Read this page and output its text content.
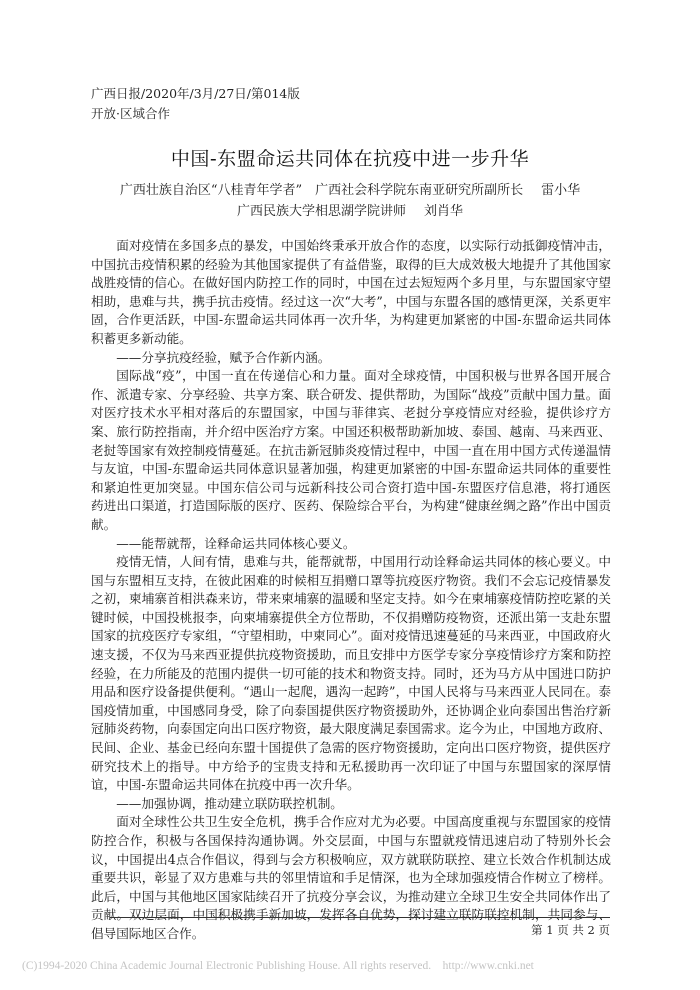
广西日报/2020年/3月/27日/第014版
开放·区域合作
中国-东盟命运共同体在抗疫中进一步升华
广西壮族自治区“八桂青年学者”　广西社会科学院东南亚研究所副所长 雷小华
广西民族大学相思湖学院讲师 刘肖华

面对疫情在多国多点的暴发，中国始终秉承开放合作的态度，以实际行动抵御疫情冲击，中国抗击疫情积累的经验为其他国家提供了有益借鉴，取得的巨大成效极大地提升了其他国家战胜疫情的信心。在做好国内防控工作的同时，中国在过去短短两个多月里，与东盟国家守望相助，患难与共，携手抗击疫情。经过这一次“大考”，中国与东盟各国的感情更深，关系更牢固，合作更活跃，中国-东盟命运共同体再一次升华，为构建更加紧密的中国-东盟命运共同体积蓄更多新动能。

——分享抗疫经验，赋予合作新内涵。

国际战“疫”，中国一直在传递信心和力量。面对全球疫情，中国积极与世界各国开展合作、派遣专家、分享经验、共享方案、联合研发、提供帮助，为国际“战疫”贡献中国力量。面对医疗技术水平相对落后的东盟国家，中国与菲律宾、老挝分享疫情应对经验，提供诊疗方案、旅行防控指南，并介绍中医治疗方案。中国还积极帮助新加坡、泰国、越南、马来西亚、老挝等国家有效控制疫情蔓延。在抗击新冠肺炎疫情过程中，中国一直在用中国方式传递温情与友谊，中国-东盟命运共同体意识显著加强，构建更加紧密的中国-东盟命运共同体的重要性和紧迫性更加突显。中国东信公司与远新科技公司合资打造中国-东盟医疗信息港，将打通医药进出口渠道，打造国际版的医疗、医药、保险综合平台，为构建“健康丝绸之路”作出中国贡献。

——能帮就帮，诠释命运共同体核心要义。

疫情无情，人间有情，患难与共，能帮就帮，中国用行动诠释命运共同体的核心要义。中国与东盟相互支持，在彼此困难的时候相互捐赠口罩等抗疫医疗物资。我们不会忘记疫情暴发之初，柬埔寨首相洪森来访，带来柬埔寨的温暖和坚定支持。如今在柬埔寨疫情防控吃紧的关键时候，中国投桃报李，向柬埔寨提供全方位帮助，不仅捐赠防疫物资，还派出第一支赴东盟国家的抗疫医疗专家组，“守望相助，中柬同心”。面对疫情迅速蔓延的马来西亚，中国政府火速支援，不仅为马来西亚提供抗疫物资援助，而且安排中方医学专家分享疫情诊疗方案和防控经验，在力所能及的范围内提供一切可能的技术和物资支持。同时，还为马方从中国进口防护用品和医疗设备提供便利。“遇山一起爬，遇沟一起跨”，中国人民将与马来西亚人民同在。泰国疫情加重，中国感同身受，除了向泰国提供医疗物资援助外，还协调企业向泰国出售治疗新冠肺炎药物，向泰国定向出口医疗物资，最大限度满足泰国需求。迄今为止，中国地方政府、民间、企业、基金已经向东盟十国提供了急需的医疗物资援助，定向出口医疗物资，提供医疗研究技术上的指导。中方给予的宝贵支持和无私援助再一次印证了中国与东盟国家的深厚情谊，中国-东盟命运共同体在抗疫中再一次升华。

——加强协调，推动建立联防联控机制。

面对全球性公共卫生安全危机，携手合作应对尤为必要。中国高度重视与东盟国家的疫情防控合作，积极与各国保持沟通协调。外交层面，中国与东盟就疫情迅速启动了特别外长会议，中国提出4点合作倡议，得到与会方积极响应，双方就联防联控、建立长效合作机制达成重要共识，彰显了双方患难与共的邻里情谊和手足情深，也为全球加强疫情合作树立了榜样。此后，中国与其他地区国家陆续召开了抗疫分享会议，为推动建立全球卫生安全共同体作出了贡献。双边层面，中国积极携手新加坡，发挥各自优势，探讨建立联防联控机制，共同参与、倡导国际地区合作。	第 1 页 共 2 页
(C)1994-2020 China Academic Journal Electronic Publishing House. All rights reserved.    http://www.cnki.net
